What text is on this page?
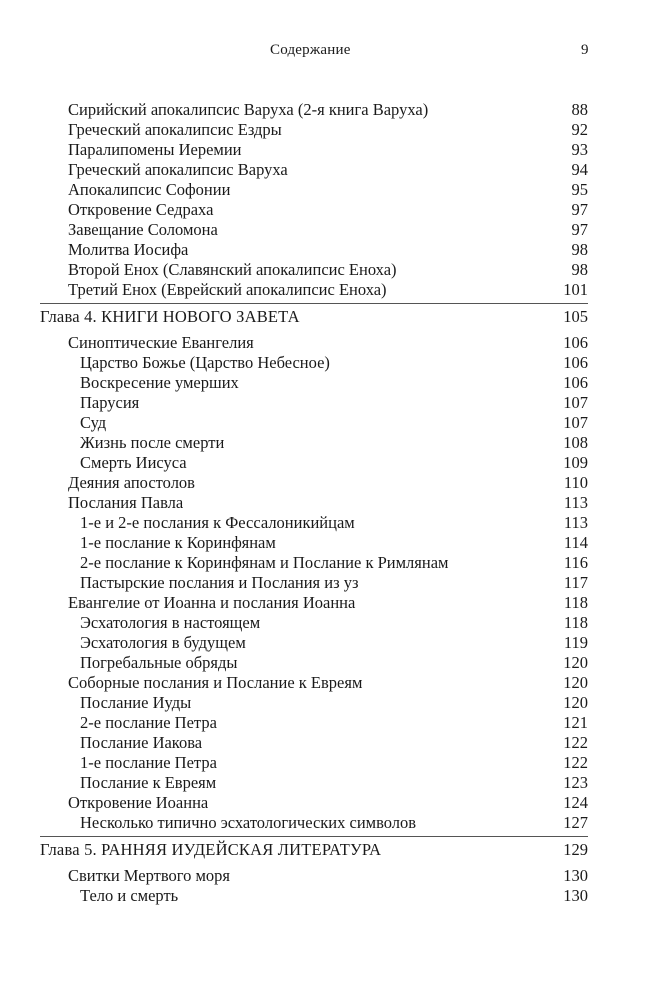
Содержание	9
Сирийский апокалипсис Варуха (2-я книга Варуха)	88
Греческий апокалипсис Ездры	92
Паралипомены Иеремии	93
Греческий апокалипсис Варуха	94
Апокалипсис Софонии	95
Откровение Седраха	97
Завещание Соломона	97
Молитва Иосифа	98
Второй Енох (Славянский апокалипсис Еноха)	98
Третий Енох (Еврейский апокалипсис Еноха)	101
Глава 4. КНИГИ НОВОГО ЗАВЕТА	105
Синоптические Евангелия	106
Царство Божье (Царство Небесное)	106
Воскресение умерших	106
Парусия	107
Суд	107
Жизнь после смерти	108
Смерть Иисуса	109
Деяния апостолов	110
Послания Павла	113
1-е и 2-е послания к Фессалоникийцам	113
1-е послание к Коринфянам	114
2-е послание к Коринфянам и Послание к Римлянам	116
Пастырские послания и Послания из уз	117
Евангелие от Иоанна и послания Иоанна	118
Эсхатология в настоящем	118
Эсхатология в будущем	119
Погребальные обряды	120
Соборные послания и Послание к Евреям	120
Послание Иуды	120
2-е послание Петра	121
Послание Иакова	122
1-е послание Петра	122
Послание к Евреям	123
Откровение Иоанна	124
Несколько типично эсхатологических символов	127
Глава 5. РАННЯЯ ИУДЕЙСКАЯ ЛИТЕРАТУРА	129
Свитки Мертвого моря	130
Тело и смерть	130
